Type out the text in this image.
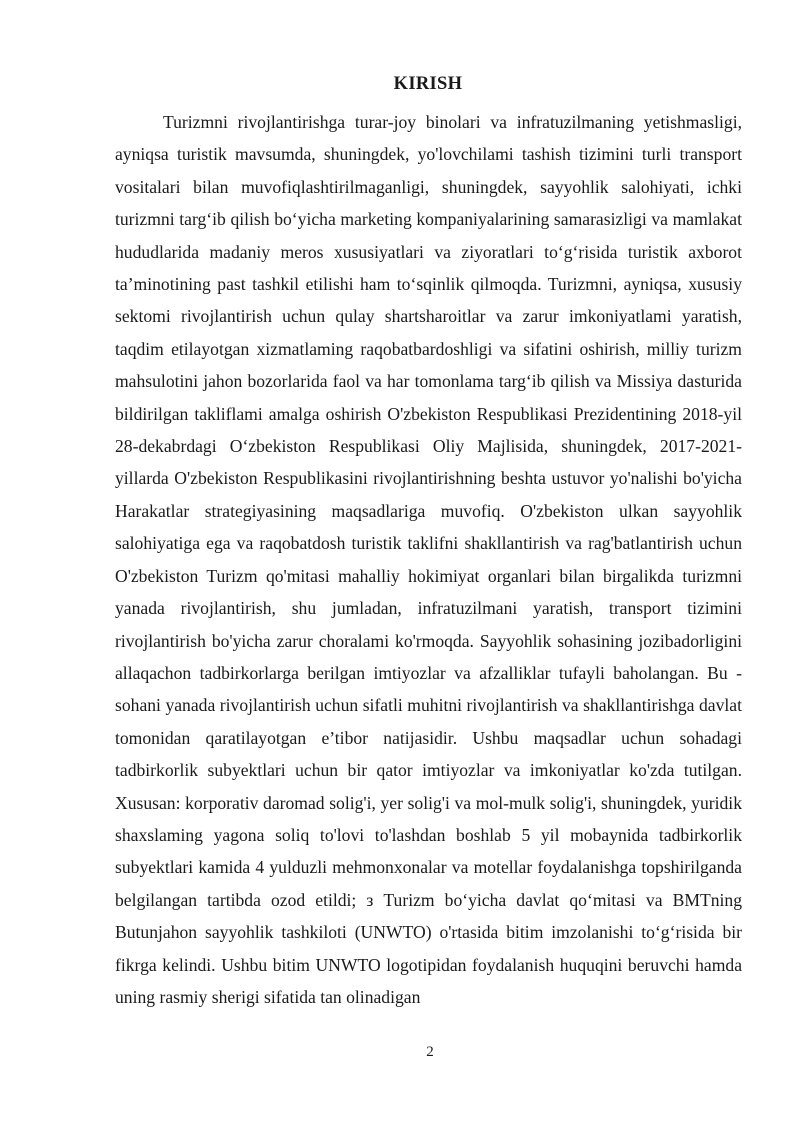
KIRISH

Turizmni rivojlantirishga turar-joy binolari va infratuzilmaning yetishmasligi, ayniqsa turistik mavsumda, shuningdek, yo'lovchilami tashish tizimini turli transport vositalari bilan muvofiqlashtirilmaganligi, shuningdek, sayyohlik salohiyati, ichki turizmni targ‘ib qilish bo‘yicha marketing kompaniyalarining samarasizligi va mamlakat hududlarida madaniy meros xususiyatlari va ziyoratlari to‘g‘risida turistik axborot ta’minotining past tashkil etilishi ham to‘sqinlik qilmoqda. Turizmni, ayniqsa, xususiy sektomi rivojlantirish uchun qulay shartsharoitlar va zarur imkoniyatlami yaratish, taqdim etilayotgan xizmatlaming raqobatbardoshligi va sifatini oshirish, milliy turizm mahsulotini jahon bozorlarida faol va har tomonlama targ‘ib qilish va Missiya dasturida bildirilgan takliflami amalga oshirish O'zbekiston Respublikasi Prezidentining 2018-yil 28-dekabrdagi O‘zbekiston Respublikasi Oliy Majlisida, shuningdek, 2017-2021-yillarda O'zbekiston Respublikasini rivojlantirishning beshta ustuvor yo'nalishi bo'yicha Harakatlar strategiyasining maqsadlariga muvofiq. O'zbekiston ulkan sayyohlik salohiyatiga ega va raqobatdosh turistik taklifni shakllantirish va rag'batlantirish uchun O'zbekiston Turizm qo'mitasi mahalliy hokimiyat organlari bilan birgalikda turizmni yanada rivojlantirish, shu jumladan, infratuzilmani yaratish, transport tizimini rivojlantirish bo'yicha zarur choralami ko'rmoqda. Sayyohlik sohasining jozibadorligini allaqachon tadbirkorlarga berilgan imtiyozlar va afzalliklar tufayli baholangan. Bu -sohani yanada rivojlantirish uchun sifatli muhitni rivojlantirish va shakllantirishga davlat tomonidan qaratilayotgan e’tibor natijasidir. Ushbu maqsadlar uchun sohadagi tadbirkorlik subyektlari uchun bir qator imtiyozlar va imkoniyatlar ko'zda tutilgan. Xususan: korporativ daromad solig'i, yer solig'i va mol-mulk solig'i, shuningdek, yuridik shaxslaming yagona soliq to'lovi to'lashdan boshlab 5 yil mobaynida tadbirkorlik subyektlari kamida 4 yulduzli mehmonxonalar va motellar foydalanishga topshirilganda belgilangan tartibda ozod etildi; з Turizm bo‘yicha davlat qo‘mitasi va BMTning Butunjahon sayyohlik tashkiloti (UNWTO) o'rtasida bitim imzolanishi to‘g‘risida bir fikrga kelindi. Ushbu bitim UNWTO logotipidan foydalanish huquqini beruvchi hamda uning rasmiy sherigi sifatida tan olinadigan

2
